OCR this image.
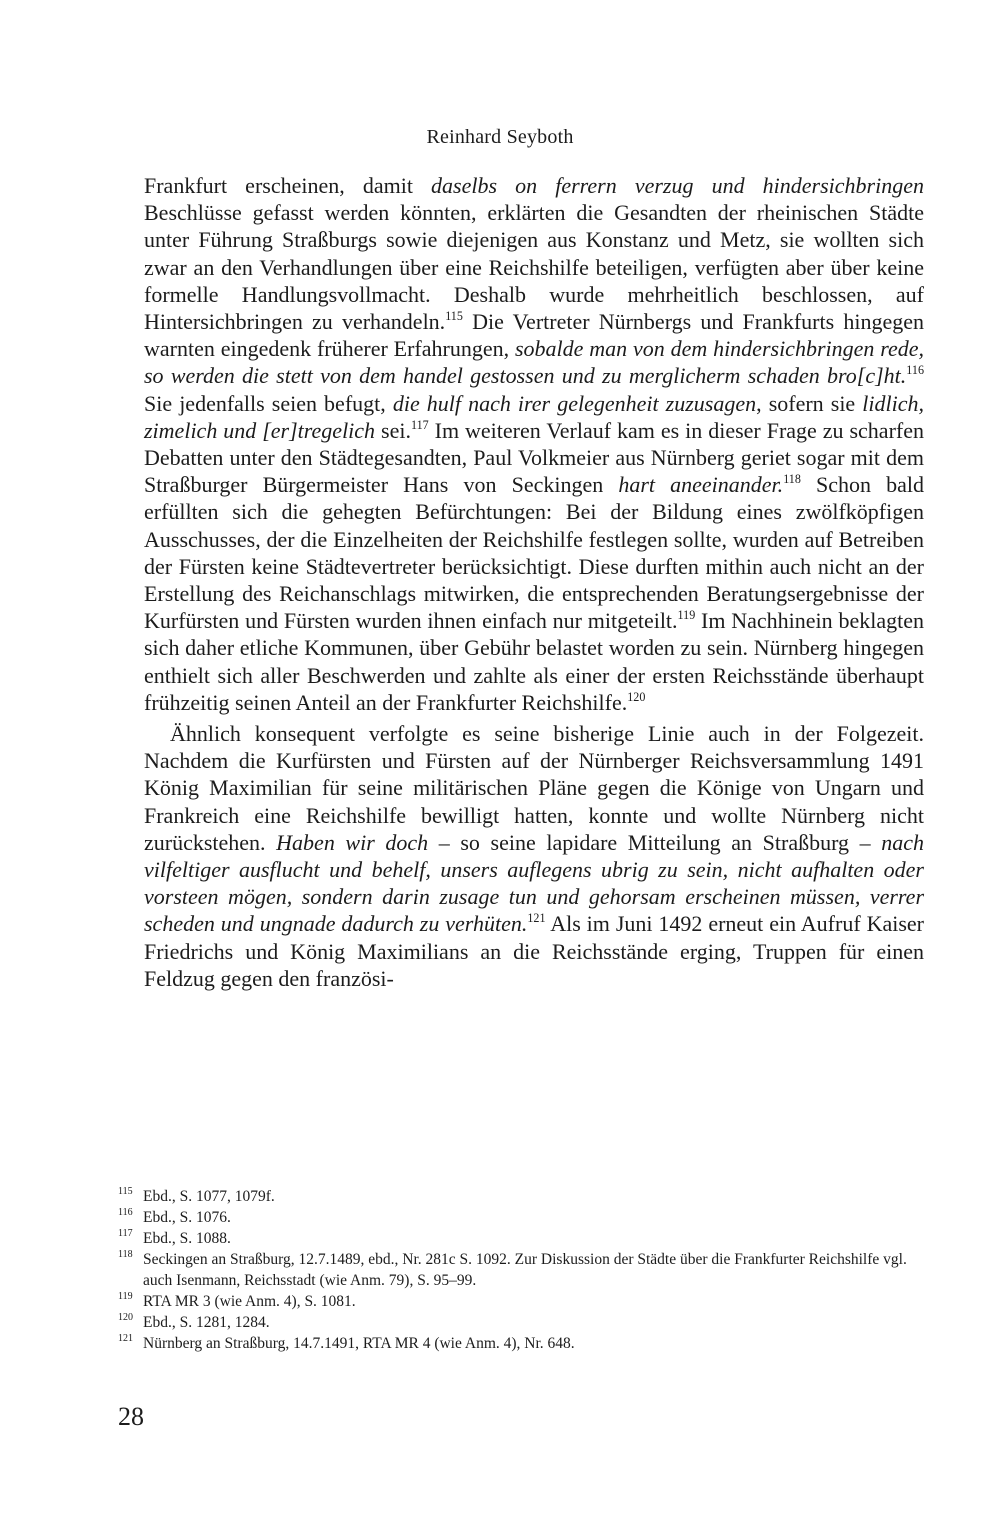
Reinhard Seyboth

Frankfurt erscheinen, damit daselbs on ferrern verzug und hindersichbringen Beschlüsse gefasst werden könnten, erklärten die Gesandten der rheinischen Städte unter Führung Straßburgs sowie diejenigen aus Konstanz und Metz, sie wollten sich zwar an den Verhandlungen über eine Reichshilfe beteiligen, verfügten aber über keine formelle Handlungsvollmacht. Deshalb wurde mehrheitlich beschlossen, auf Hintersichbringen zu verhandeln.$^{115}$ Die Vertreter Nürnbergs und Frankfurts hingegen warnten eingedenk früherer Erfahrungen, sobalde man von dem hindersichbringen rede, so werden die stett von dem handel gestossen und zu merglicherm schaden bro[c]ht.$^{116}$ Sie jedenfalls seien befugt, die hulf nach irer gelegenheit zuzusagen, sofern sie lidlich, zimelich und [er]tregelich sei.$^{117}$ Im weiteren Verlauf kam es in dieser Frage zu scharfen Debatten unter den Städtegesandten, Paul Volkmeier aus Nürnberg geriet sogar mit dem Straßburger Bürgermeister Hans von Seckingen hart aneeinander.$^{118}$ Schon bald erfüllten sich die gehegten Befürchtungen: Bei der Bildung eines zwölfköpfigen Ausschusses, der die Einzelheiten der Reichshilfe festlegen sollte, wurden auf Betreiben der Fürsten keine Städtevertreter berücksichtigt. Diese durften mithin auch nicht an der Erstellung des Reichanschlags mitwirken, die entsprechenden Beratungsergebnisse der Kurfürsten und Fürsten wurden ihnen einfach nur mitgeteilt.$^{119}$ Im Nachhinein beklagten sich daher etliche Kommunen, über Gebühr belastet worden zu sein. Nürnberg hingegen enthielt sich aller Beschwerden und zahlte als einer der ersten Reichsstände überhaupt frühzeitig seinen Anteil an der Frankfurter Reichshilfe.$^{120}$

Ähnlich konsequent verfolgte es seine bisherige Linie auch in der Folgezeit. Nachdem die Kurfürsten und Fürsten auf der Nürnberger Reichsversammlung 1491 König Maximilian für seine militärischen Pläne gegen die Könige von Ungarn und Frankreich eine Reichshilfe bewilligt hatten, konnte und wollte Nürnberg nicht zurückstehen. Haben wir doch – so seine lapidare Mitteilung an Straßburg – nach vilfeltiger ausflucht und behelf, unsers auflegens ubrig zu sein, nicht aufhalten oder vorsteen mögen, sondern darin zusage tun und gehorsam erscheinen müssen, verrer scheden und ungnade dadurch zu verhüten.$^{121}$ Als im Juni 1492 erneut ein Aufruf Kaiser Friedrichs und König Maximilians an die Reichsstände erging, Truppen für einen Feldzug gegen den französi-

115 Ebd., S. 1077, 1079f.

116 Ebd., S. 1076.

117 Ebd., S. 1088.

118 Seckingen an Straßburg, 12.7.1489, ebd., Nr. 281c S. 1092. Zur Diskussion der Städte über die Frankfurter Reichshilfe vgl. auch Isenmann, Reichsstadt (wie Anm. 79), S. 95–99.

119 RTA MR 3 (wie Anm. 4), S. 1081.

120 Ebd., S. 1281, 1284.

121 Nürnberg an Straßburg, 14.7.1491, RTA MR 4 (wie Anm. 4), Nr. 648.

28
